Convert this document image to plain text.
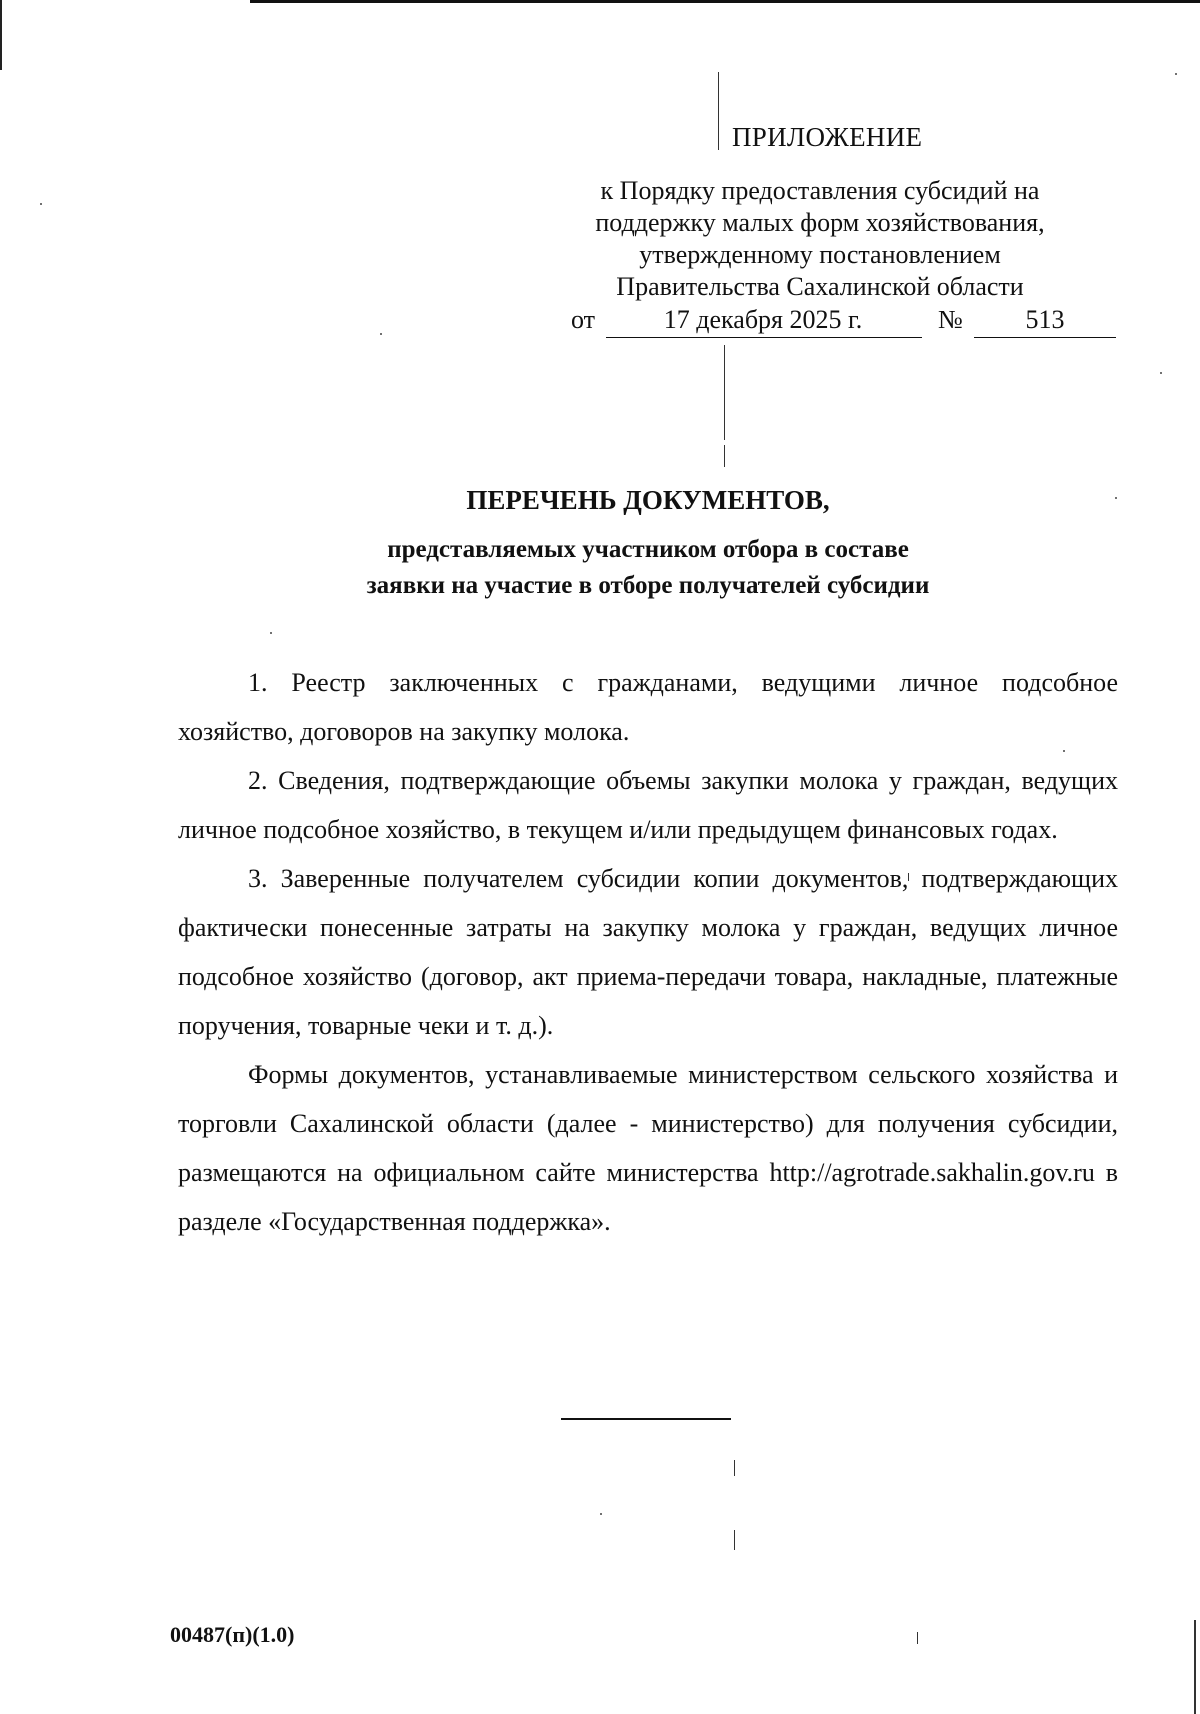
ПРИЛОЖЕНИЕ
к Порядку предоставления субсидий на
поддержку малых форм хозяйствования,
утвержденному постановлением
Правительства Сахалинской области
от	17 декабря 2025 г.	№	513
ПЕРЕЧЕНЬ ДОКУМЕНТОВ,
представляемых участником отбора в составе
заявки на участие в отборе получателей субсидии

1. Реестр заключенных с гражданами, ведущими личное подсобное хозяйство, договоров на закупку молока.

2. Сведения, подтверждающие объемы закупки молока у граждан, ведущих личное подсобное хозяйство, в текущем и/или предыдущем финансовых годах.

3. Заверенные получателем субсидии копии документов, подтверждающих фактически понесенные затраты на закупку молока у граждан, ведущих личное подсобное хозяйство (договор, акт приема-передачи товара, накладные, платежные поручения, товарные чеки и т. д.).

Формы документов, устанавливаемые министерством сельского хозяйства и торговли Сахалинской области (далее - министерство) для получения субсидии, размещаются на официальном сайте министерства http://agrotrade.sakhalin.gov.ru в разделе «Государственная поддержка».

00487(п)(1.0)
